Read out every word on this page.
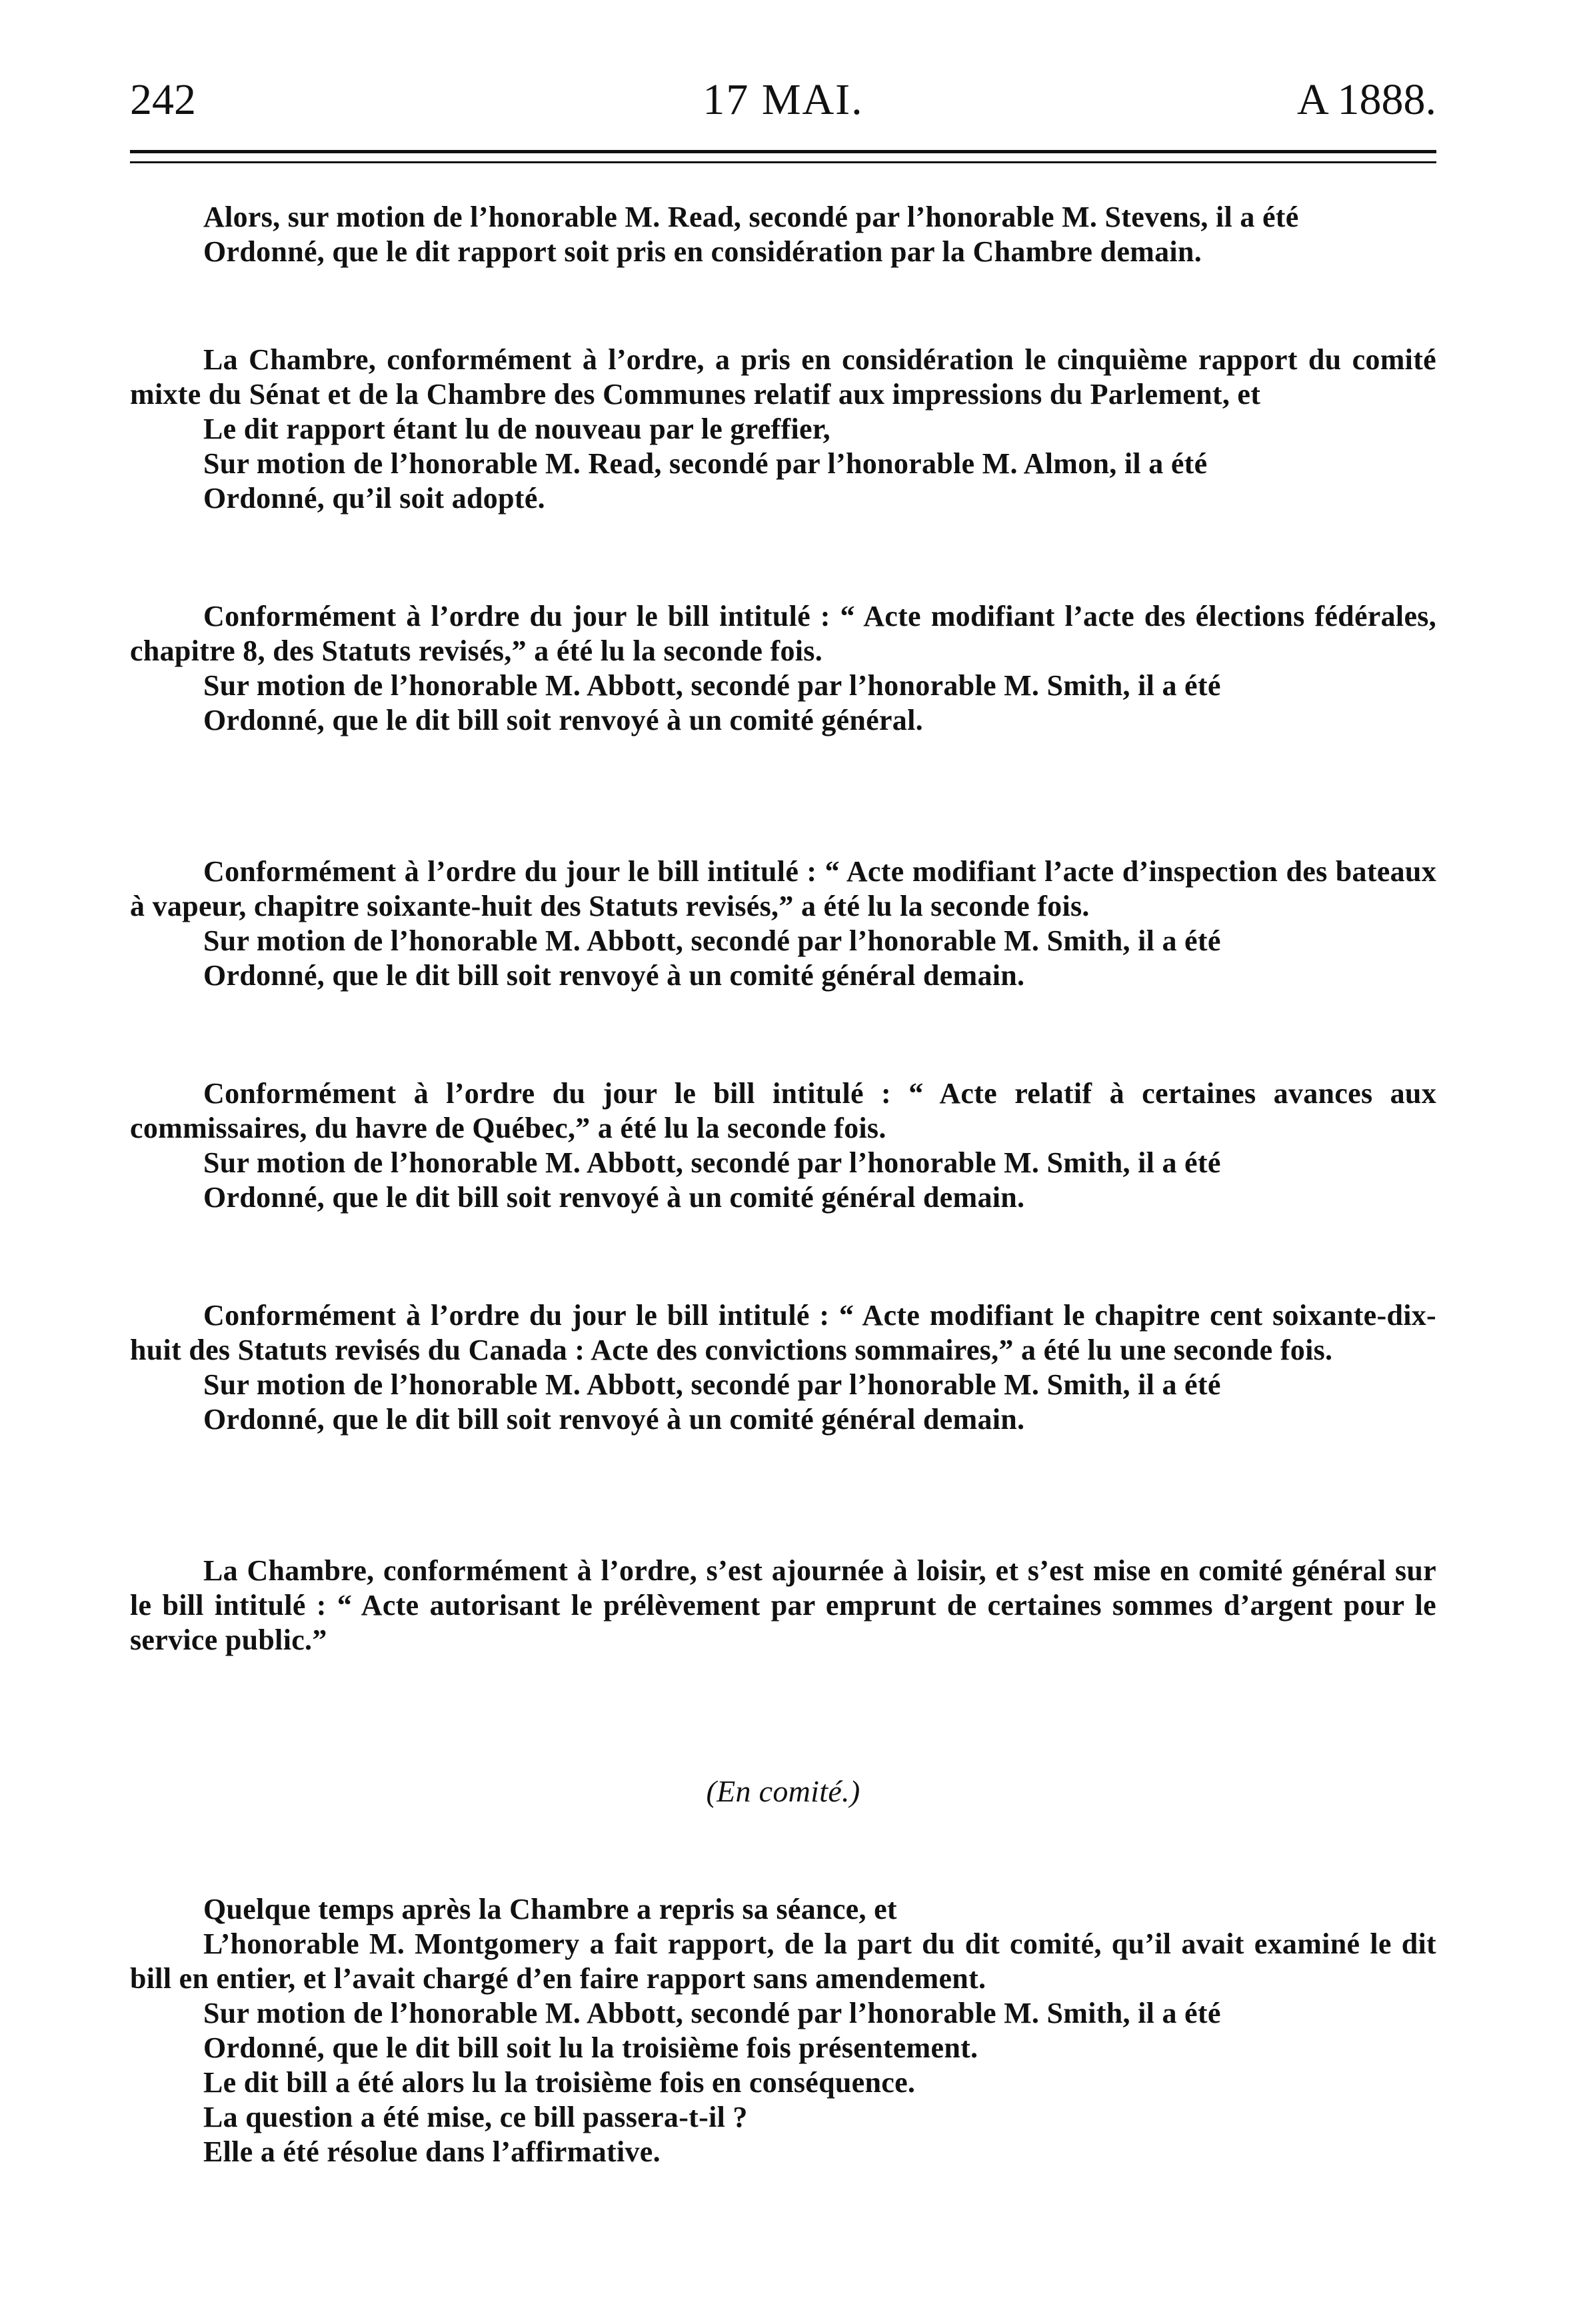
242	17 MAI.	A 1888.

Alors, sur motion de l’honorable M. Read, secondé par l’honorable M. Stevens, il a été

Ordonné, que le dit rapport soit pris en considération par la Chambre demain.

La Chambre, conformément à l’ordre, a pris en considération le cinquième rapport du comité mixte du Sénat et de la Chambre des Communes relatif aux impressions du Parlement, et

Le dit rapport étant lu de nouveau par le greffier,

Sur motion de l’honorable M. Read, secondé par l’honorable M. Almon, il a été

Ordonné, qu’il soit adopté.

Conformément à l’ordre du jour le bill intitulé : “ Acte modifiant l’acte des élections fédérales, chapitre 8, des Statuts revisés,” a été lu la seconde fois.

Sur motion de l’honorable M. Abbott, secondé par l’honorable M. Smith, il a été

Ordonné, que le dit bill soit renvoyé à un comité général.

Conformément à l’ordre du jour le bill intitulé : “ Acte modifiant l’acte d’inspection des bateaux à vapeur, chapitre soixante-huit des Statuts revisés,” a été lu la seconde fois.

Sur motion de l’honorable M. Abbott, secondé par l’honorable M. Smith, il a été

Ordonné, que le dit bill soit renvoyé à un comité général demain.

Conformément à l’ordre du jour le bill intitulé : “ Acte relatif à certaines avances aux commissaires, du havre de Québec,” a été lu la seconde fois.

Sur motion de l’honorable M. Abbott, secondé par l’honorable M. Smith, il a été

Ordonné, que le dit bill soit renvoyé à un comité général demain.

Conformément à l’ordre du jour le bill intitulé : “ Acte modifiant le chapitre cent soixante-dix-huit des Statuts revisés du Canada : Acte des convictions sommaires,” a été lu une seconde fois.

Sur motion de l’honorable M. Abbott, secondé par l’honorable M. Smith, il a été

Ordonné, que le dit bill soit renvoyé à un comité général demain.

La Chambre, conformément à l’ordre, s’est ajournée à loisir, et s’est mise en comité général sur le bill intitulé : “ Acte autorisant le prélèvement par emprunt de certaines sommes d’argent pour le service public.”

(En comité.)

Quelque temps après la Chambre a repris sa séance, et

L’honorable M. Montgomery a fait rapport, de la part du dit comité, qu’il avait examiné le dit bill en entier, et l’avait chargé d’en faire rapport sans amendement.

Sur motion de l’honorable M. Abbott, secondé par l’honorable M. Smith, il a été

Ordonné, que le dit bill soit lu la troisième fois présentement.

Le dit bill a été alors lu la troisième fois en conséquence.

La question a été mise, ce bill passera-t-il ?

Elle a été résolue dans l’affirmative.
